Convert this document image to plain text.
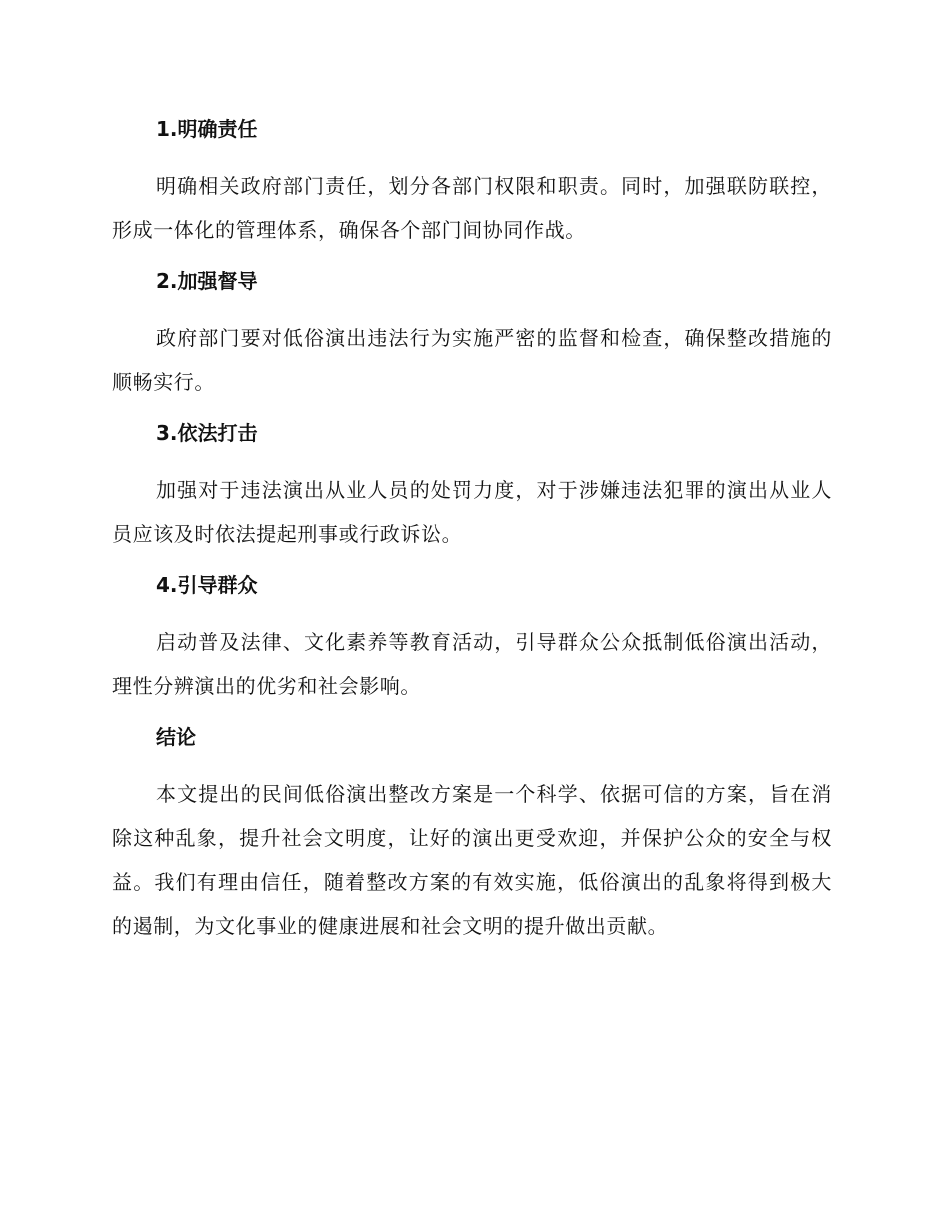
1.明确责任

明确相关政府部门责任，划分各部门权限和职责。同时，加强联防联控，形成一体化的管理体系，确保各个部门间协同作战。

2.加强督导

政府部门要对低俗演出违法行为实施严密的监督和检查，确保整改措施的顺畅实行。

3.依法打击

加强对于违法演出从业人员的处罚力度，对于涉嫌违法犯罪的演出从业人员应该及时依法提起刑事或行政诉讼。

4.引导群众

启动普及法律、文化素养等教育活动，引导群众公众抵制低俗演出活动，理性分辨演出的优劣和社会影响。

结论

本文提出的民间低俗演出整改方案是一个科学、依据可信的方案，旨在消除这种乱象，提升社会文明度，让好的演出更受欢迎，并保护公众的安全与权益。我们有理由信任，随着整改方案的有效实施，低俗演出的乱象将得到极大的遏制，为文化事业的健康进展和社会文明的提升做出贡献。
